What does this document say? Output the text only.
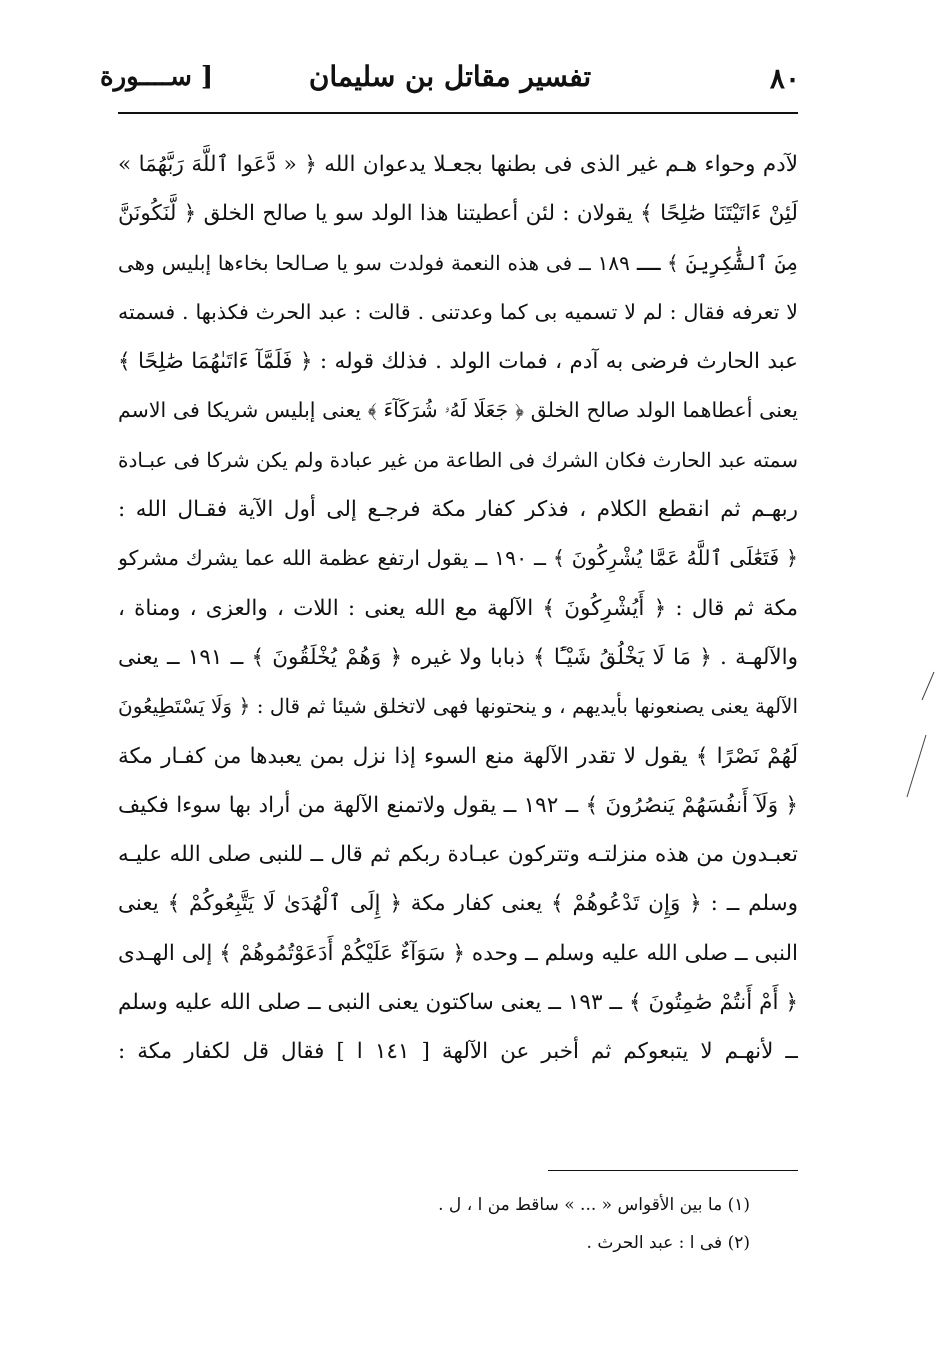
٨٠
تفسير مقاتل بن سليمان
[ ســــورة
لآدم وحواء هـم غير الذى فى بطنها بجعـلا يدعوان الله ﴿ « دَّعَوا ٱللَّهَ رَبَّهُمَا »
لَئِنْ ءَاتَيْتَنَا صَٰلِحًا ﴾ يقولان : لئن أعطيتنا هذا الولد سو يا صالح الخلق ﴿ لَّنَكُونَنَّ
مِنَ ٱلشَّٰكِرِينَ ﴾ ــ ١٨٩ ــ فى هذه النعمة فولدت سو يا صـالحا بخاءها إبليس وهى
لا تعرفه فقال : لم لا تسميه بى كما وعدتنى . قالت : عبد الحرث فكذبها . فسمته
عبد الحارث فرضى به آدم ، فمات الولد . فذلك قوله : ﴿ فَلَمَّآ ءَاتَىٰهُمَا صَٰلِحًا ﴾
يعنى أعطاهما الولد صالح الخلق ﴿ جَعَلَا لَهُۥ شُرَكَآءَ ﴾ يعنى إبليس شريكا فى الاسم
سمته عبد الحارث فكان الشرك فى الطاعة من غير عبادة ولم يكن شركا فى عبـادة
ربهـم ثم انقطع الكلام ، فذكر كفار مكة فرجـع إلى أول الآية فقـال الله :
﴿ فَتَعَٰلَى ٱللَّهُ عَمَّا يُشْرِكُونَ ﴾ ــ ١٩٠ ــ يقول ارتفع عظمة الله عما يشرك مشركو
مكة ثم قال : ﴿ أَيُشْرِكُونَ ﴾ الآلهة مع الله يعنى : اللات ، والعزى ، ومناة ،
والآلهـة . ﴿ مَا لَا يَخْلُقُ شَيْـًٔا ﴾ ذبابا ولا غيره ﴿ وَهُمْ يُخْلَقُونَ ﴾ ــ ١٩١ ــ يعنى
الآلهة يعنى يصنعونها بأيديهم ، و ينحتونها فهى لاتخلق شيئا ثم قال : ﴿ وَلَا يَسْتَطِيعُونَ
لَهُمْ نَصْرًا ﴾ يقول لا تقدر الآلهة منع السوء إذا نزل بمن يعبدها من كفـار مكة
﴿ وَلَآ أَنفُسَهُمْ يَنصُرُونَ ﴾ ــ ١٩٢ ــ يقول ولاتمنع الآلهة من أراد بها سوءا فكيف
تعبـدون من هذه منزلتـه وتتركون عبـادة ربكم ثم قال ــ للنبى صلى الله عليـه
وسلم ــ : ﴿ وَإِن تَدْعُوهُمْ ﴾ يعنى كفار مكة ﴿ إِلَى ٱلْهُدَىٰ لَا يَتَّبِعُوكُمْ ﴾ يعنى
النبى ــ صلى الله عليه وسلم ــ وحده ﴿ سَوَآءٌ عَلَيْكُمْ أَدَعَوْتُمُوهُمْ ﴾ إلى الهـدى
﴿ أَمْ أَنتُمْ صَٰمِتُونَ ﴾ ــ ١٩٣ ــ يعنى ساكتون يعنى النبى ــ صلى الله عليه وسلم
ــ لأنهـم لا يتبعوكم ثم أخبر عن الآلهة [ ١٤١ ا ] فقال قل لكفار مكة :
(١) ما بين الأقواس « ... » ساقط من ا ، ل .
(٢) فى ا : عبد الحرث .
